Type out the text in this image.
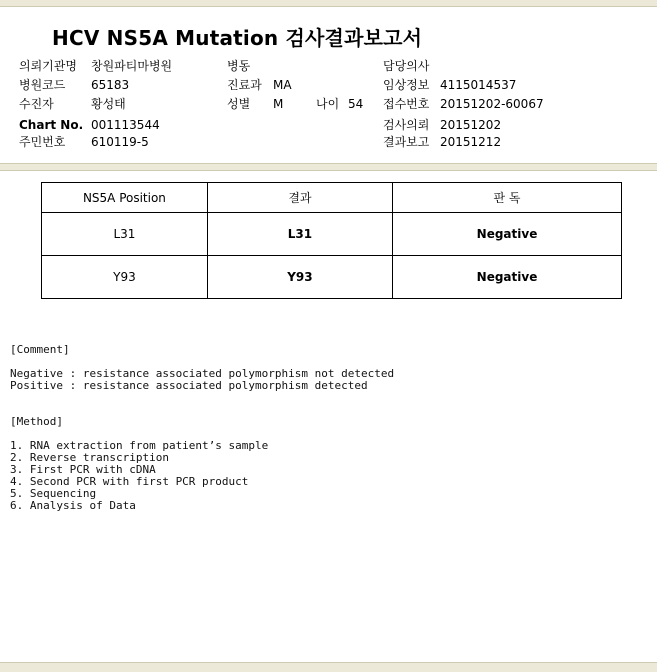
HCV NS5A Mutation 검사결과보고서
의뢰기관명 창원파티마병원
병원코드 65183
수진자	황성태
Chart No. 001113544
주민번호 610119-5
병동
진료과 MA
성별 M	나이 54
담당의사
임상정보 4115014537
접수번호 20151202-60067
검사의뢰 20151202
결과보고 20151212
NS5A Position	결과	판 독
L31	L31	Negative
Y93	Y93	Negative
[Comment]
Negative : resistance associated polymorphism not detected
Positive : resistance associated polymorphism detected
[Method]
1. RNA extraction from patient’s sample
2. Reverse transcription
3. First PCR with cDNA
4. Second PCR with first PCR product
5. Sequencing
6. Analysis of Data
